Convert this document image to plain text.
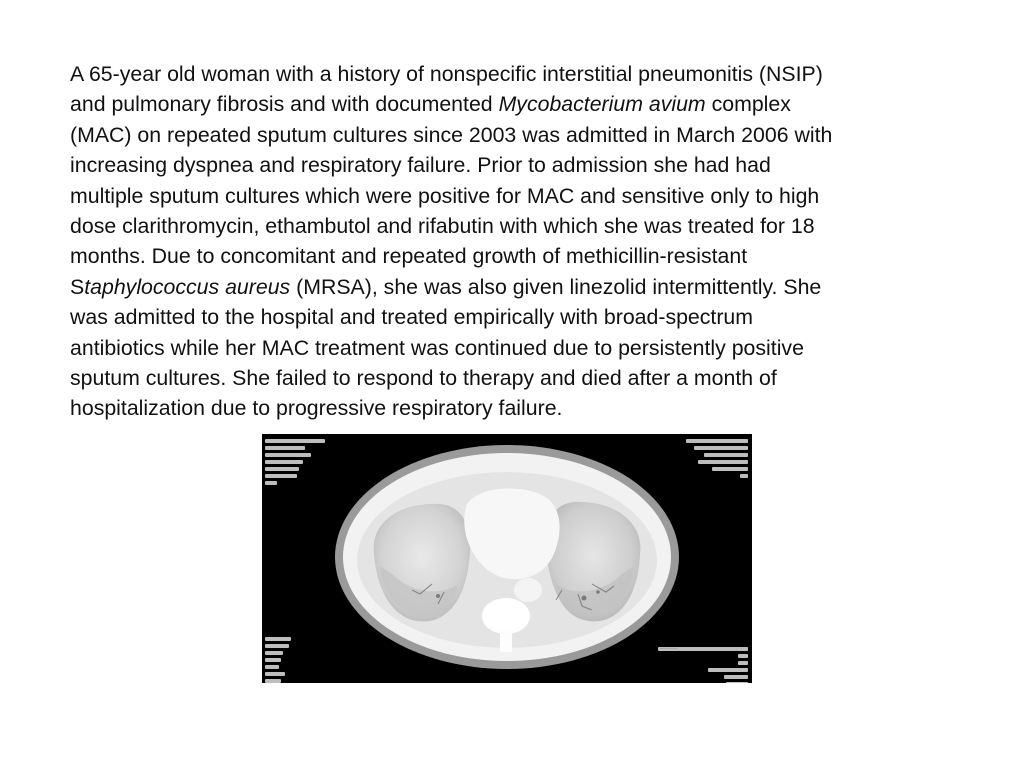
A 65-year old woman with a history of nonspecific interstitial pneumonitis (NSIP)
and pulmonary fibrosis and with documented Mycobacterium avium complex
(MAC) on repeated sputum cultures since 2003 was admitted in March 2006 with
increasing dyspnea and respiratory failure. Prior to admission she had had
multiple sputum cultures which were positive for MAC and sensitive only to high
dose clarithromycin, ethambutol and rifabutin with which she was treated for 18
months. Due to concomitant and repeated growth of methicillin-resistant
Staphylococcus aureus (MRSA), she was also given linezolid intermittently. She
was admitted to the hospital and treated empirically with broad-spectrum
antibiotics while her MAC treatment was continued due to persistently positive
sputum cultures. She failed to respond to therapy and died after a month of
hospitalization due to progressive respiratory failure.
